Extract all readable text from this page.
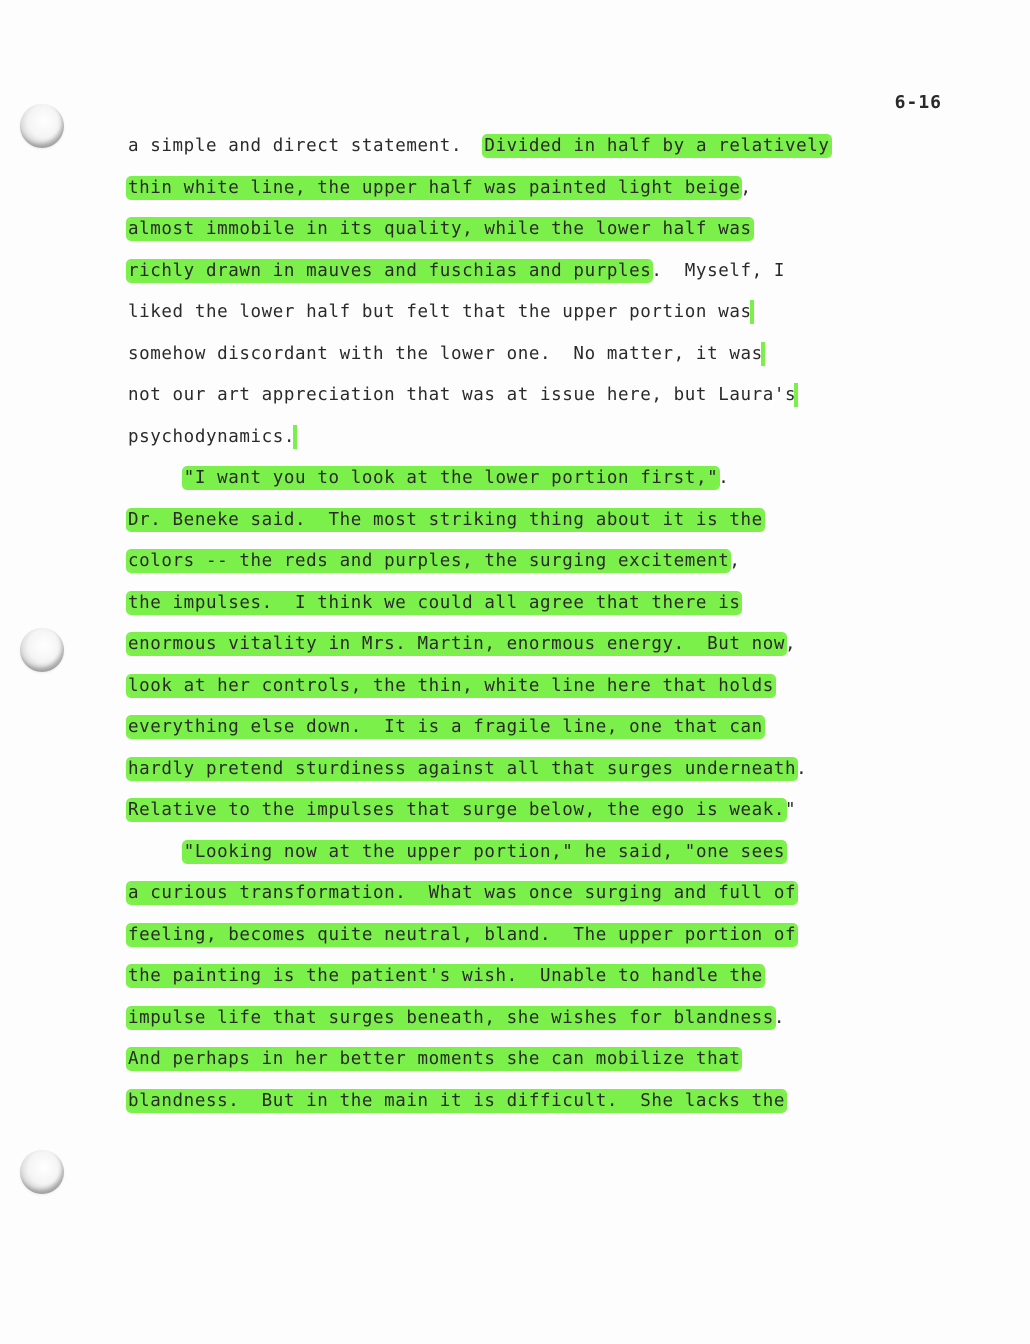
6-16
a simple and direct statement.  Divided in half by a relatively
thin white line, the upper half was painted light beige,
almost immobile in its quality, while the lower half was
richly drawn in mauves and fuschias and purples.  Myself, I
liked the lower half but felt that the upper portion was
somehow discordant with the lower one.  No matter, it was
not our art appreciation that was at issue here, but Laura's
psychodynamics.
"I want you to look at the lower portion first,".
Dr. Beneke said.  The most striking thing about it is the
colors -- the reds and purples, the surging excitement,
the impulses.  I think we could all agree that there is
enormous vitality in Mrs. Martin, enormous energy.  But now,
look at her controls, the thin, white line here that holds
everything else down.  It is a fragile line, one that can
hardly pretend sturdiness against all that surges underneath.
Relative to the impulses that surge below, the ego is weak."
"Looking now at the upper portion," he said, "one sees
a curious transformation.  What was once surging and full of
feeling, becomes quite neutral, bland.  The upper portion of
the painting is the patient's wish.  Unable to handle the
impulse life that surges beneath, she wishes for blandness.
And perhaps in her better moments she can mobilize that
blandness.  But in the main it is difficult.  She lacks the
